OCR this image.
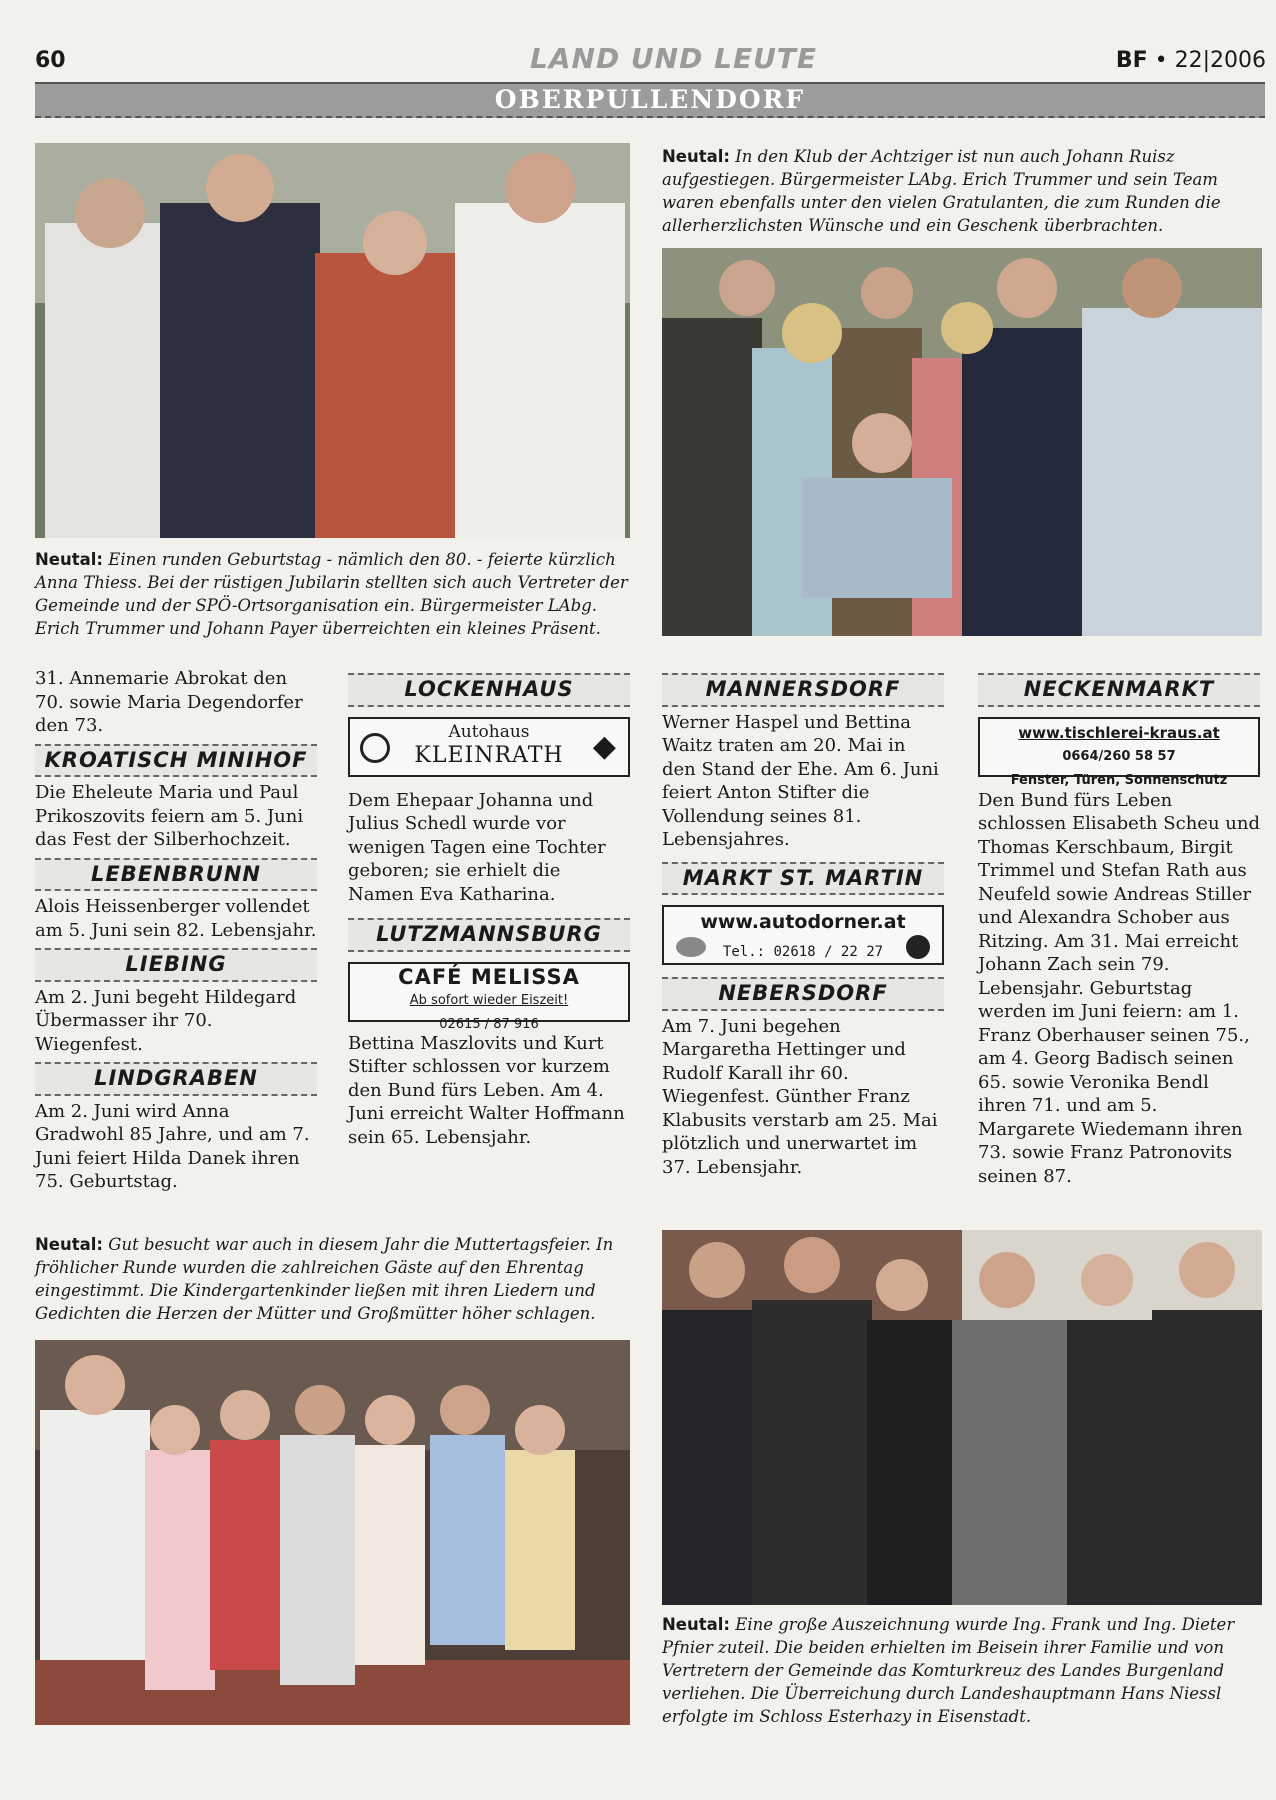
60	LAND UND LEUTE	BF • 22|2006
OBERPULLENDORF
Neutal: Einen runden Geburtstag - nämlich den 80. - feierte kürzlich Anna Thiess. Bei der rüstigen Jubilarin stellten sich auch Vertreter der Gemeinde und der SPÖ-Ortsorganisation ein. Bürgermeister LAbg. Erich Trummer und Johann Payer überreichten ein kleines Präsent.
Neutal: In den Klub der Achtziger ist nun auch Johann Ruisz aufgestiegen. Bürgermeister LAbg. Erich Trummer und sein Team waren ebenfalls unter den vielen Gratulanten, die zum Runden die allerherzlichsten Wünsche und ein Geschenk überbrachten.

31. Annemarie Abrokat den 70. sowie Maria Degendorfer den 73.

KROATISCH MINIHOF

Die Eheleute Maria und Paul Prikoszovits feiern am 5. Juni das Fest der Silberhochzeit.

LEBENBRUNN

Alois Heissenberger vollendet am 5. Juni sein 82. Lebensjahr.

LIEBING

Am 2. Juni begeht Hildegard Übermasser ihr 70. Wiegenfest.

LINDGRABEN

Am 2. Juni wird Anna Gradwohl 85 Jahre, und am 7. Juni feiert Hilda Danek ihren 75. Geburtstag.

LOCKENHAUS
◆
Autohaus
KLEINRATH

Dem Ehepaar Johanna und Julius Schedl wurde vor wenigen Tagen eine Tochter geboren; sie erhielt die Namen Eva Katharina.

LUTZMANNSBURG
CAFÉ MELISSA
Ab sofort wieder Eiszeit!
02615 / 87 916

Bettina Maszlovits und Kurt Stifter schlossen vor kurzem den Bund fürs Leben. Am 4. Juni erreicht Walter Hoffmann sein 65. Lebensjahr.

MANNERSDORF

Werner Haspel und Bettina Waitz traten am 20. Mai in den Stand der Ehe. Am 6. Juni feiert Anton Stifter die Vollendung seines 81. Lebensjahres.

MARKT ST. MARTIN
www.autodorner.at
Tel.: 02618 / 22 27
NEBERSDORF

Am 7. Juni begehen Margaretha Hettinger und Rudolf Karall ihr 60. Wiegenfest. Günther Franz Klabusits verstarb am 25. Mai plötzlich und unerwartet im 37. Lebensjahr.

NECKENMARKT
www.tischlerei-kraus.at
0664/260 58 57
Fenster, Türen, Sonnenschutz

Den Bund fürs Leben schlossen Elisabeth Scheu und Thomas Kerschbaum, Birgit Trimmel und Stefan Rath aus Neufeld sowie Andreas Stiller und Alexandra Schober aus Ritzing. Am 31. Mai erreicht Johann Zach sein 79. Lebensjahr. Geburtstag werden im Juni feiern: am 1. Franz Oberhauser seinen 75., am 4. Georg Badisch seinen 65. sowie Veronika Bendl ihren 71. und am 5. Margarete Wiedemann ihren 73. sowie Franz Patronovits seinen 87.

Neutal: Gut besucht war auch in diesem Jahr die Muttertagsfeier. In fröhlicher Runde wurden die zahlreichen Gäste auf den Ehrentag eingestimmt. Die Kindergartenkinder ließen mit ihren Liedern und Gedichten die Herzen der Mütter und Großmütter höher schlagen.
Neutal: Eine große Auszeichnung wurde Ing. Frank und Ing. Dieter Pfnier zuteil. Die beiden erhielten im Beisein ihrer Familie und von Vertretern der Gemeinde das Komturkreuz des Landes Burgenland verliehen. Die Überreichung durch Landeshauptmann Hans Niessl erfolgte im Schloss Esterhazy in Eisenstadt.
